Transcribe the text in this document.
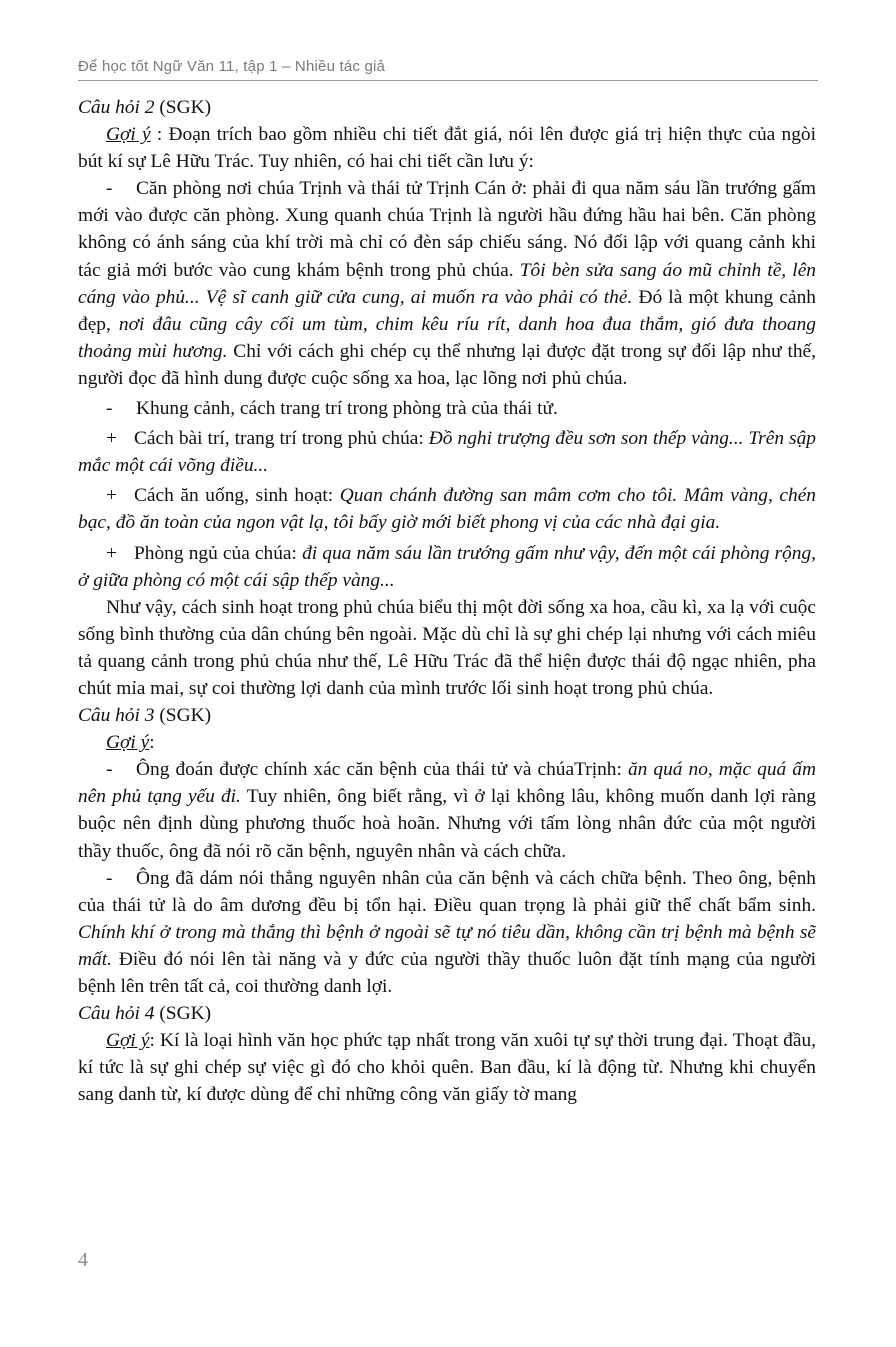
Để học tốt Ngữ Văn 11, tập 1 – Nhiều tác giả

Câu hỏi 2 (SGK)

Gợi ý : Đoạn trích bao gồm nhiều chi tiết đắt giá, nói lên được giá trị hiện thực của ngòi bút kí sự Lê Hữu Trác. Tuy nhiên, có hai chi tiết cần lưu ý:

- Căn phòng nơi chúa Trịnh và thái tử Trịnh Cán ở: phải đi qua năm sáu lần trướng gấm mới vào được căn phòng. Xung quanh chúa Trịnh là người hầu đứng hầu hai bên. Căn phòng không có ánh sáng của khí trời mà chỉ có đèn sáp chiếu sáng. Nó đối lập với quang cảnh khi tác giả mới bước vào cung khám bệnh trong phủ chúa. Tôi bèn sửa sang áo mũ chỉnh tề, lên cáng vào phủ... Vệ sĩ canh giữ cửa cung, ai muốn ra vào phải có thẻ. Đó là một khung cảnh đẹp, nơi đâu cũng cây cối um tùm, chim kêu ríu rít, danh hoa đua thắm, gió đưa thoang thoảng mùi hương. Chỉ với cách ghi chép cụ thể nhưng lại được đặt trong sự đối lập như thế, người đọc đã hình dung được cuộc sống xa hoa, lạc lõng nơi phủ chúa.

- Khung cảnh, cách trang trí trong phòng trà của thái tử.

+ Cách bài trí, trang trí trong phủ chúa: Đồ nghi trượng đều sơn son thếp vàng... Trên sập mắc một cái võng điều...

+ Cách ăn uống, sinh hoạt: Quan chánh đường san mâm cơm cho tôi. Mâm vàng, chén bạc, đồ ăn toàn của ngon vật lạ, tôi bấy giờ mới biết phong vị của các nhà đại gia.

+ Phòng ngủ của chúa: đi qua năm sáu lần trướng gấm như vậy, đến một cái phòng rộng, ở giữa phòng có một cái sập thếp vàng...

Như vậy, cách sinh hoạt trong phủ chúa biểu thị một đời sống xa hoa, cầu kì, xa lạ với cuộc sống bình thường của dân chúng bên ngoài. Mặc dù chỉ là sự ghi chép lại nhưng với cách miêu tả quang cảnh trong phủ chúa như thế, Lê Hữu Trác đã thể hiện được thái độ ngạc nhiên, pha chút mỉa mai, sự coi thường lợi danh của mình trước lối sinh hoạt trong phủ chúa.

Câu hỏi 3 (SGK)

Gợi ý:

- Ông đoán được chính xác căn bệnh của thái tử và chúaTrịnh: ăn quá no, mặc quá ấm nên phủ tạng yếu đi. Tuy nhiên, ông biết rằng, vì ở lại không lâu, không muốn danh lợi ràng buộc nên định dùng phương thuốc hoà hoãn. Nhưng với tấm lòng nhân đức của một người thầy thuốc, ông đã nói rõ căn bệnh, nguyên nhân và cách chữa.

- Ông đã dám nói thẳng nguyên nhân của căn bệnh và cách chữa bệnh. Theo ông, bệnh của thái tử là do âm dương đều bị tổn hại. Điều quan trọng là phải giữ thể chất bẩm sinh. Chính khí ở trong mà thắng thì bệnh ở ngoài sẽ tự nó tiêu dần, không cần trị bệnh mà bệnh sẽ mất. Điều đó nói lên tài năng và y đức của người thầy thuốc luôn đặt tính mạng của người bệnh lên trên tất cả, coi thường danh lợi.

Câu hỏi 4 (SGK)

Gợi ý: Kí là loại hình văn học phức tạp nhất trong văn xuôi tự sự thời trung đại. Thoạt đầu, kí tức là sự ghi chép sự việc gì đó cho khỏi quên. Ban đầu, kí là động từ. Nhưng khi chuyển sang danh từ, kí được dùng để chỉ những công văn giấy tờ mang

4
